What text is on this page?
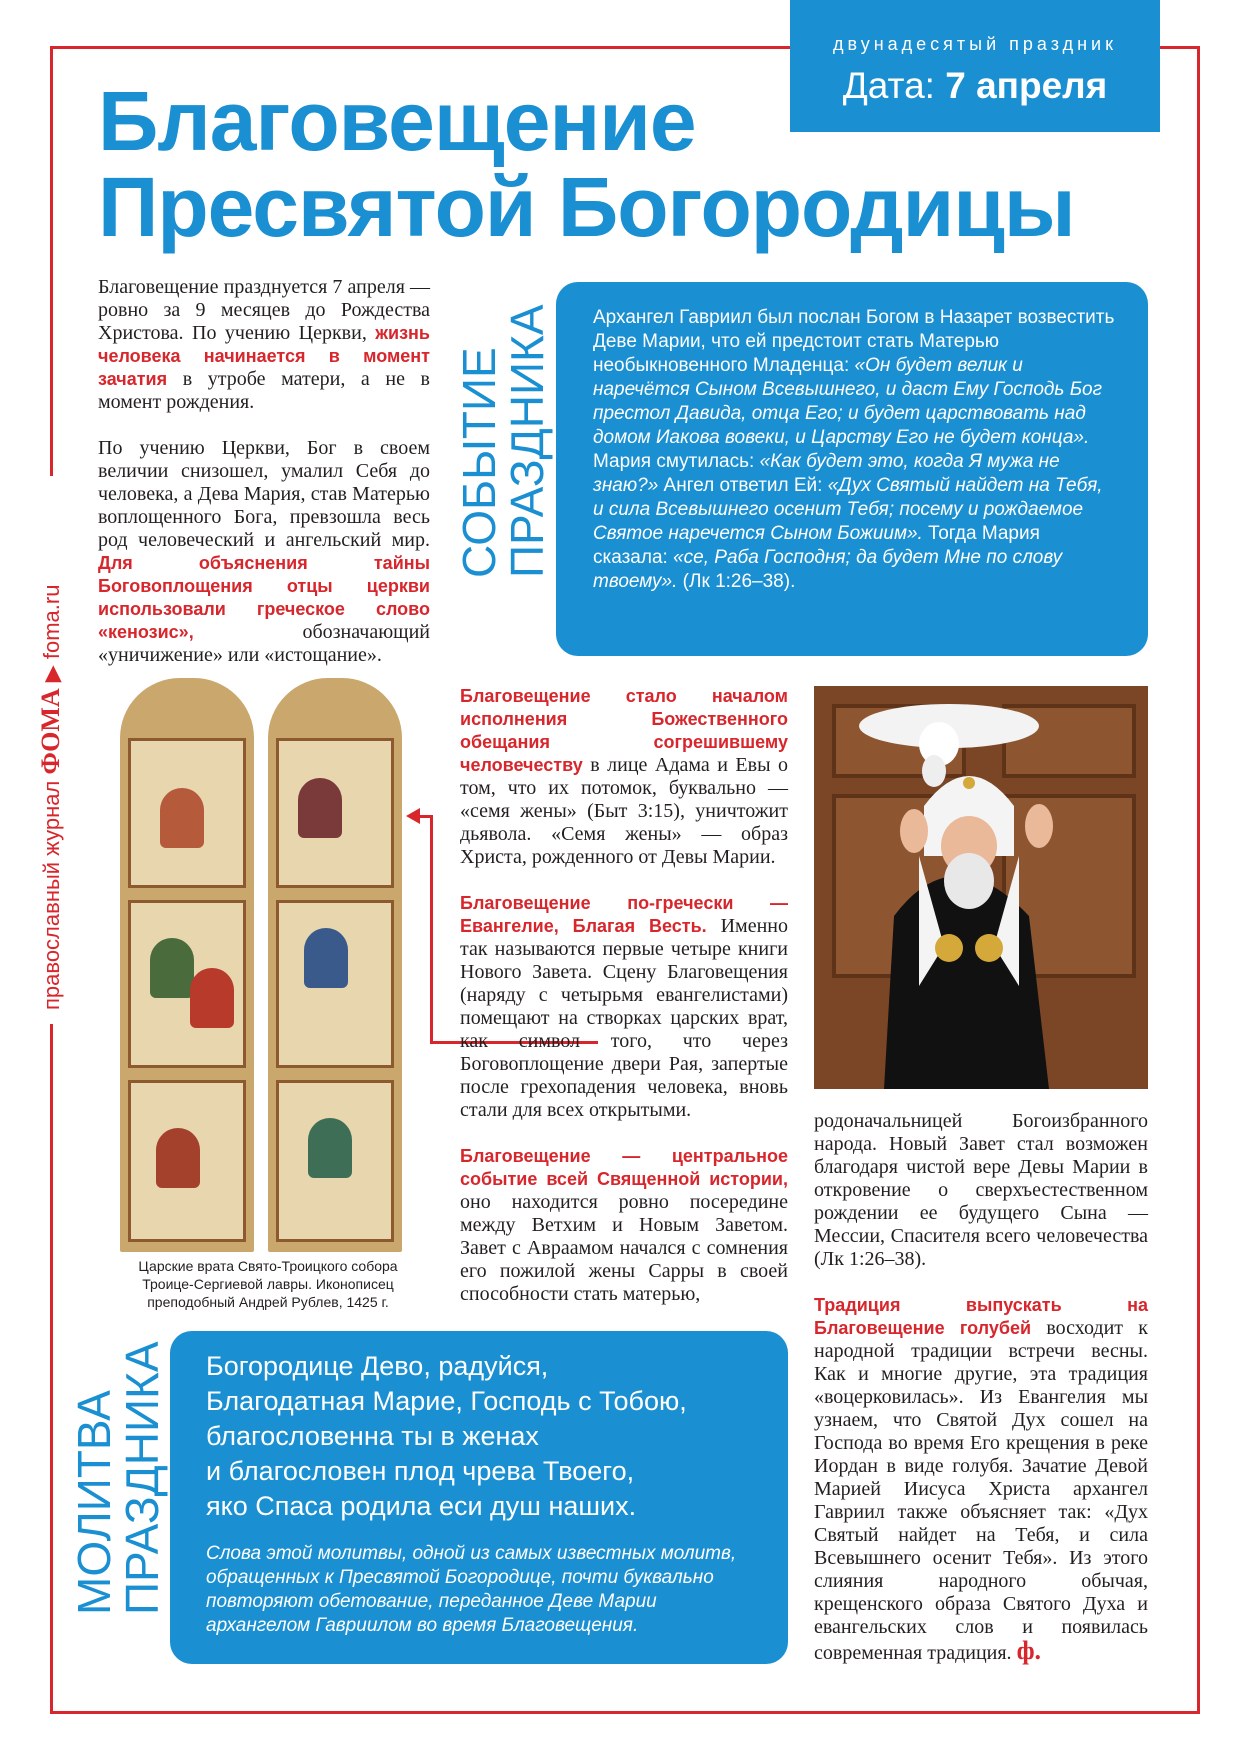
двунадесятый праздник
Дата: 7 апреля
Благовещение
Пресвятой Богородицы
православный журнал ФОМА ▶ foma.ru

Благовещение празднуется 7 апреля — ровно за 9 месяцев до Рождества Христова. По учению Церкви, жизнь человека начинается в момент зачатия в утробе матери, а не в момент рождения.

По учению Церкви, Бог в своем величии снизошел, умалил Себя до человека, а Дева Мария, став Матерью воплощенного Бога, превзошла весь род человеческий и ангельский мир. Для объяснения тайны Боговоплощения отцы церкви использовали греческое слово «кенозис», обозначающий «уничижение» или «истощание».

СОБЫТИЕ
ПРАЗДНИКА	Архангел Гавриил был послан Богом в Назарет возвестить Деве Марии, что ей предстоит стать Матерью необыкновенного Младенца: «Он будет велик и наречётся Сыном Всевышнего, и даст Ему Господь Бог престол Давида, отца Его; и будет царствовать над домом Иакова вовеки, и Царству Его не будет конца». Мария смутилась: «Как будет это, когда Я мужа не знаю?» Ангел ответил Ей: «Дух Святый найдет на Тебя, и сила Всевышнего осенит Тебя; посему и рождаемое Святое наречется Сыном Божиим». Тогда Мария сказала: «се, Раба Господня; да будет Мне по слову твоему». (Лк 1:26–38).
Царские врата Свято-Троицкого собора
Троице-Сергиевой лавры. Иконописец
преподобный Андрей Рублев, 1425 г.

Благовещение стало началом исполнения Божественного обещания согрешившему человечеству в лице Адама и Евы о том, что их потомок, буквально — «семя жены» (Быт 3:15), уничтожит дьявола. «Семя жены» — образ Христа, рожденного от Девы Марии.

Благовещение по-гречески — Евангелие, Благая Весть. Именно так называются первые четыре книги Нового Завета. Сцену Благовещения (наряду с четырьмя евангелистами) помещают на створках царских врат, как символ того, что через Боговоплощение двери Рая, запертые после грехопадения человека, вновь стали для всех открытыми.

Благовещение — центральное событие всей Священной истории, оно находится ровно посередине между Ветхим и Новым Заветом. Завет с Авраамом начался с сомнения его пожилой жены Сарры в своей способности стать матерью,

родоначальницей Богоизбранного народа. Новый Завет стал возможен благодаря чистой вере Девы Марии в откровение о сверхъестественном рождении ее будущего Сына — Мессии, Спасителя всего человечества (Лк 1:26–38).

Традиция выпускать на Благовещение голубей восходит к народной традиции встречи весны. Как и многие другие, эта традиция «воцерковилась». Из Евангелия мы узнаем, что Святой Дух сошел на Господа во время Его крещения в реке Иордан в виде голубя. Зачатие Девой Марией Иисуса Христа архангел Гавриил также объясняет так: «Дух Святый найдет на Тебя, и сила Всевышнего осенит Тебя». Из этого слияния народного обычая, крещенского образа Святого Духа и евангельских слов и появилась современная традиция. ф.

МОЛИТВА
ПРАЗДНИКА Богородице Дево, радуйся,
Благодатная Марие, Господь с Тобою,
благословенна ты в женах
и благословен плод чрева Твоего,
яко Спаса родила еси душ наших.
Слова этой молитвы, одной из самых известных молитв, обращенных к Пресвятой Богородице, почти буквально повторяют обетование, переданное Деве Марии архангелом Гавриилом во время Благовещения.
